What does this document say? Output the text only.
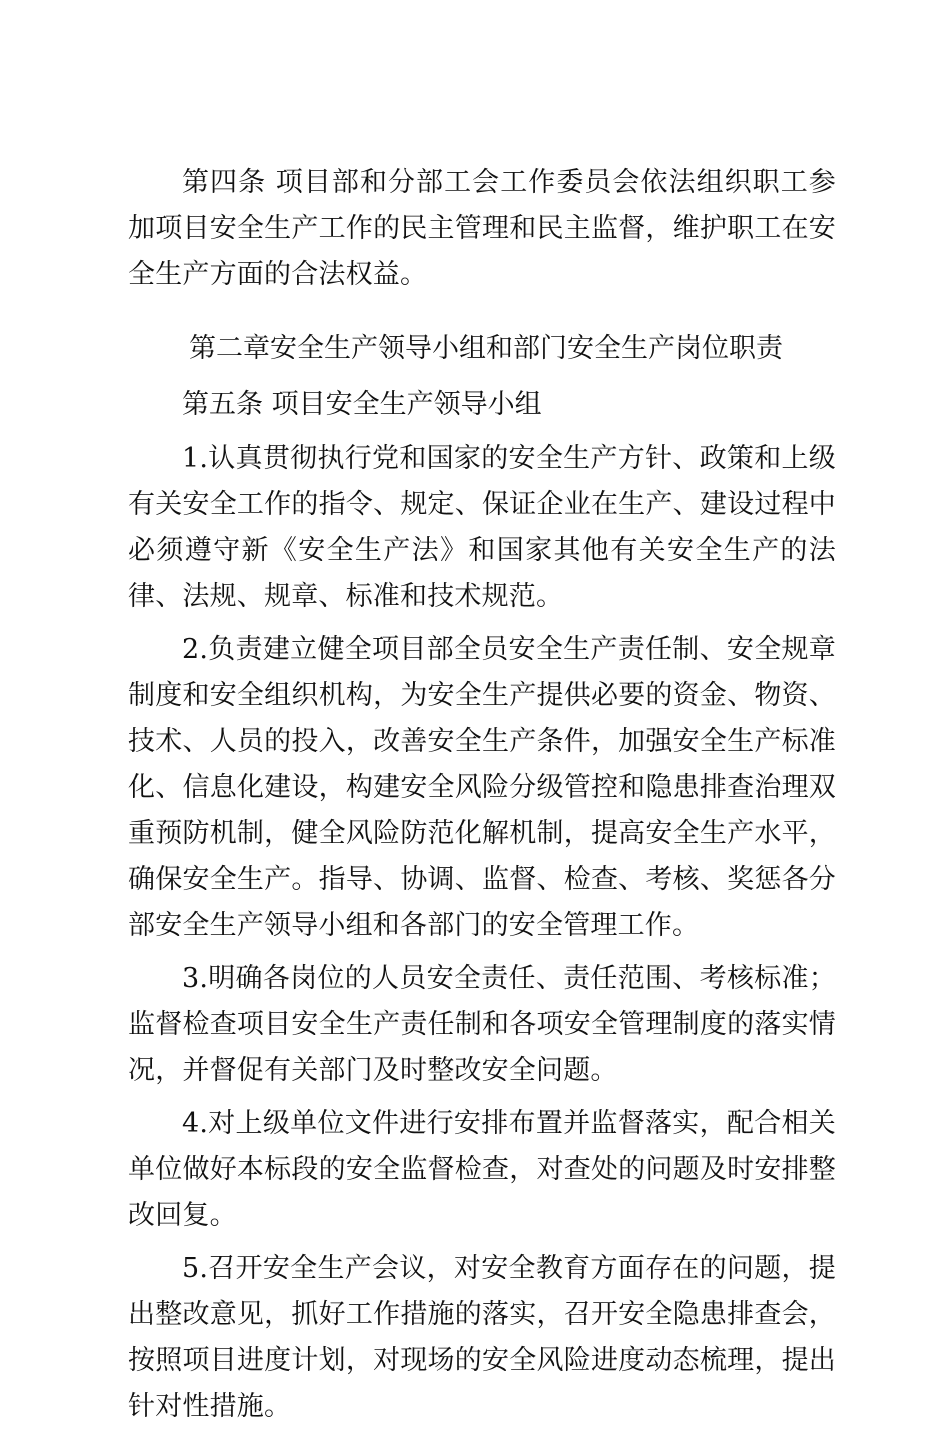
第四条 项目部和分部工会工作委员会依法组织职工参加项目安全生产工作的民主管理和民主监督，维护职工在安全生产方面的合法权益。

第二章安全生产领导小组和部门安全生产岗位职责

第五条 项目安全生产领导小组

1.认真贯彻执行党和国家的安全生产方针、政策和上级有关安全工作的指令、规定、保证企业在生产、建设过程中必须遵守新《安全生产法》和国家其他有关安全生产的法律、法规、规章、标准和技术规范。

2.负责建立健全项目部全员安全生产责任制、安全规章制度和安全组织机构，为安全生产提供必要的资金、物资、技术、人员的投入，改善安全生产条件，加强安全生产标准化、信息化建设，构建安全风险分级管控和隐患排查治理双重预防机制，健全风险防范化解机制，提高安全生产水平，确保安全生产。指导、协调、监督、检查、考核、奖惩各分部安全生产领导小组和各部门的安全管理工作。

3.明确各岗位的人员安全责任、责任范围、考核标准；监督检查项目安全生产责任制和各项安全管理制度的落实情况，并督促有关部门及时整改安全问题。

4.对上级单位文件进行安排布置并监督落实，配合相关单位做好本标段的安全监督检查，对查处的问题及时安排整改回复。

5.召开安全生产会议，对安全教育方面存在的问题，提出整改意见，抓好工作措施的落实，召开安全隐患排查会，按照项目进度计划，对现场的安全风险进度动态梳理，提出针对性措施。
